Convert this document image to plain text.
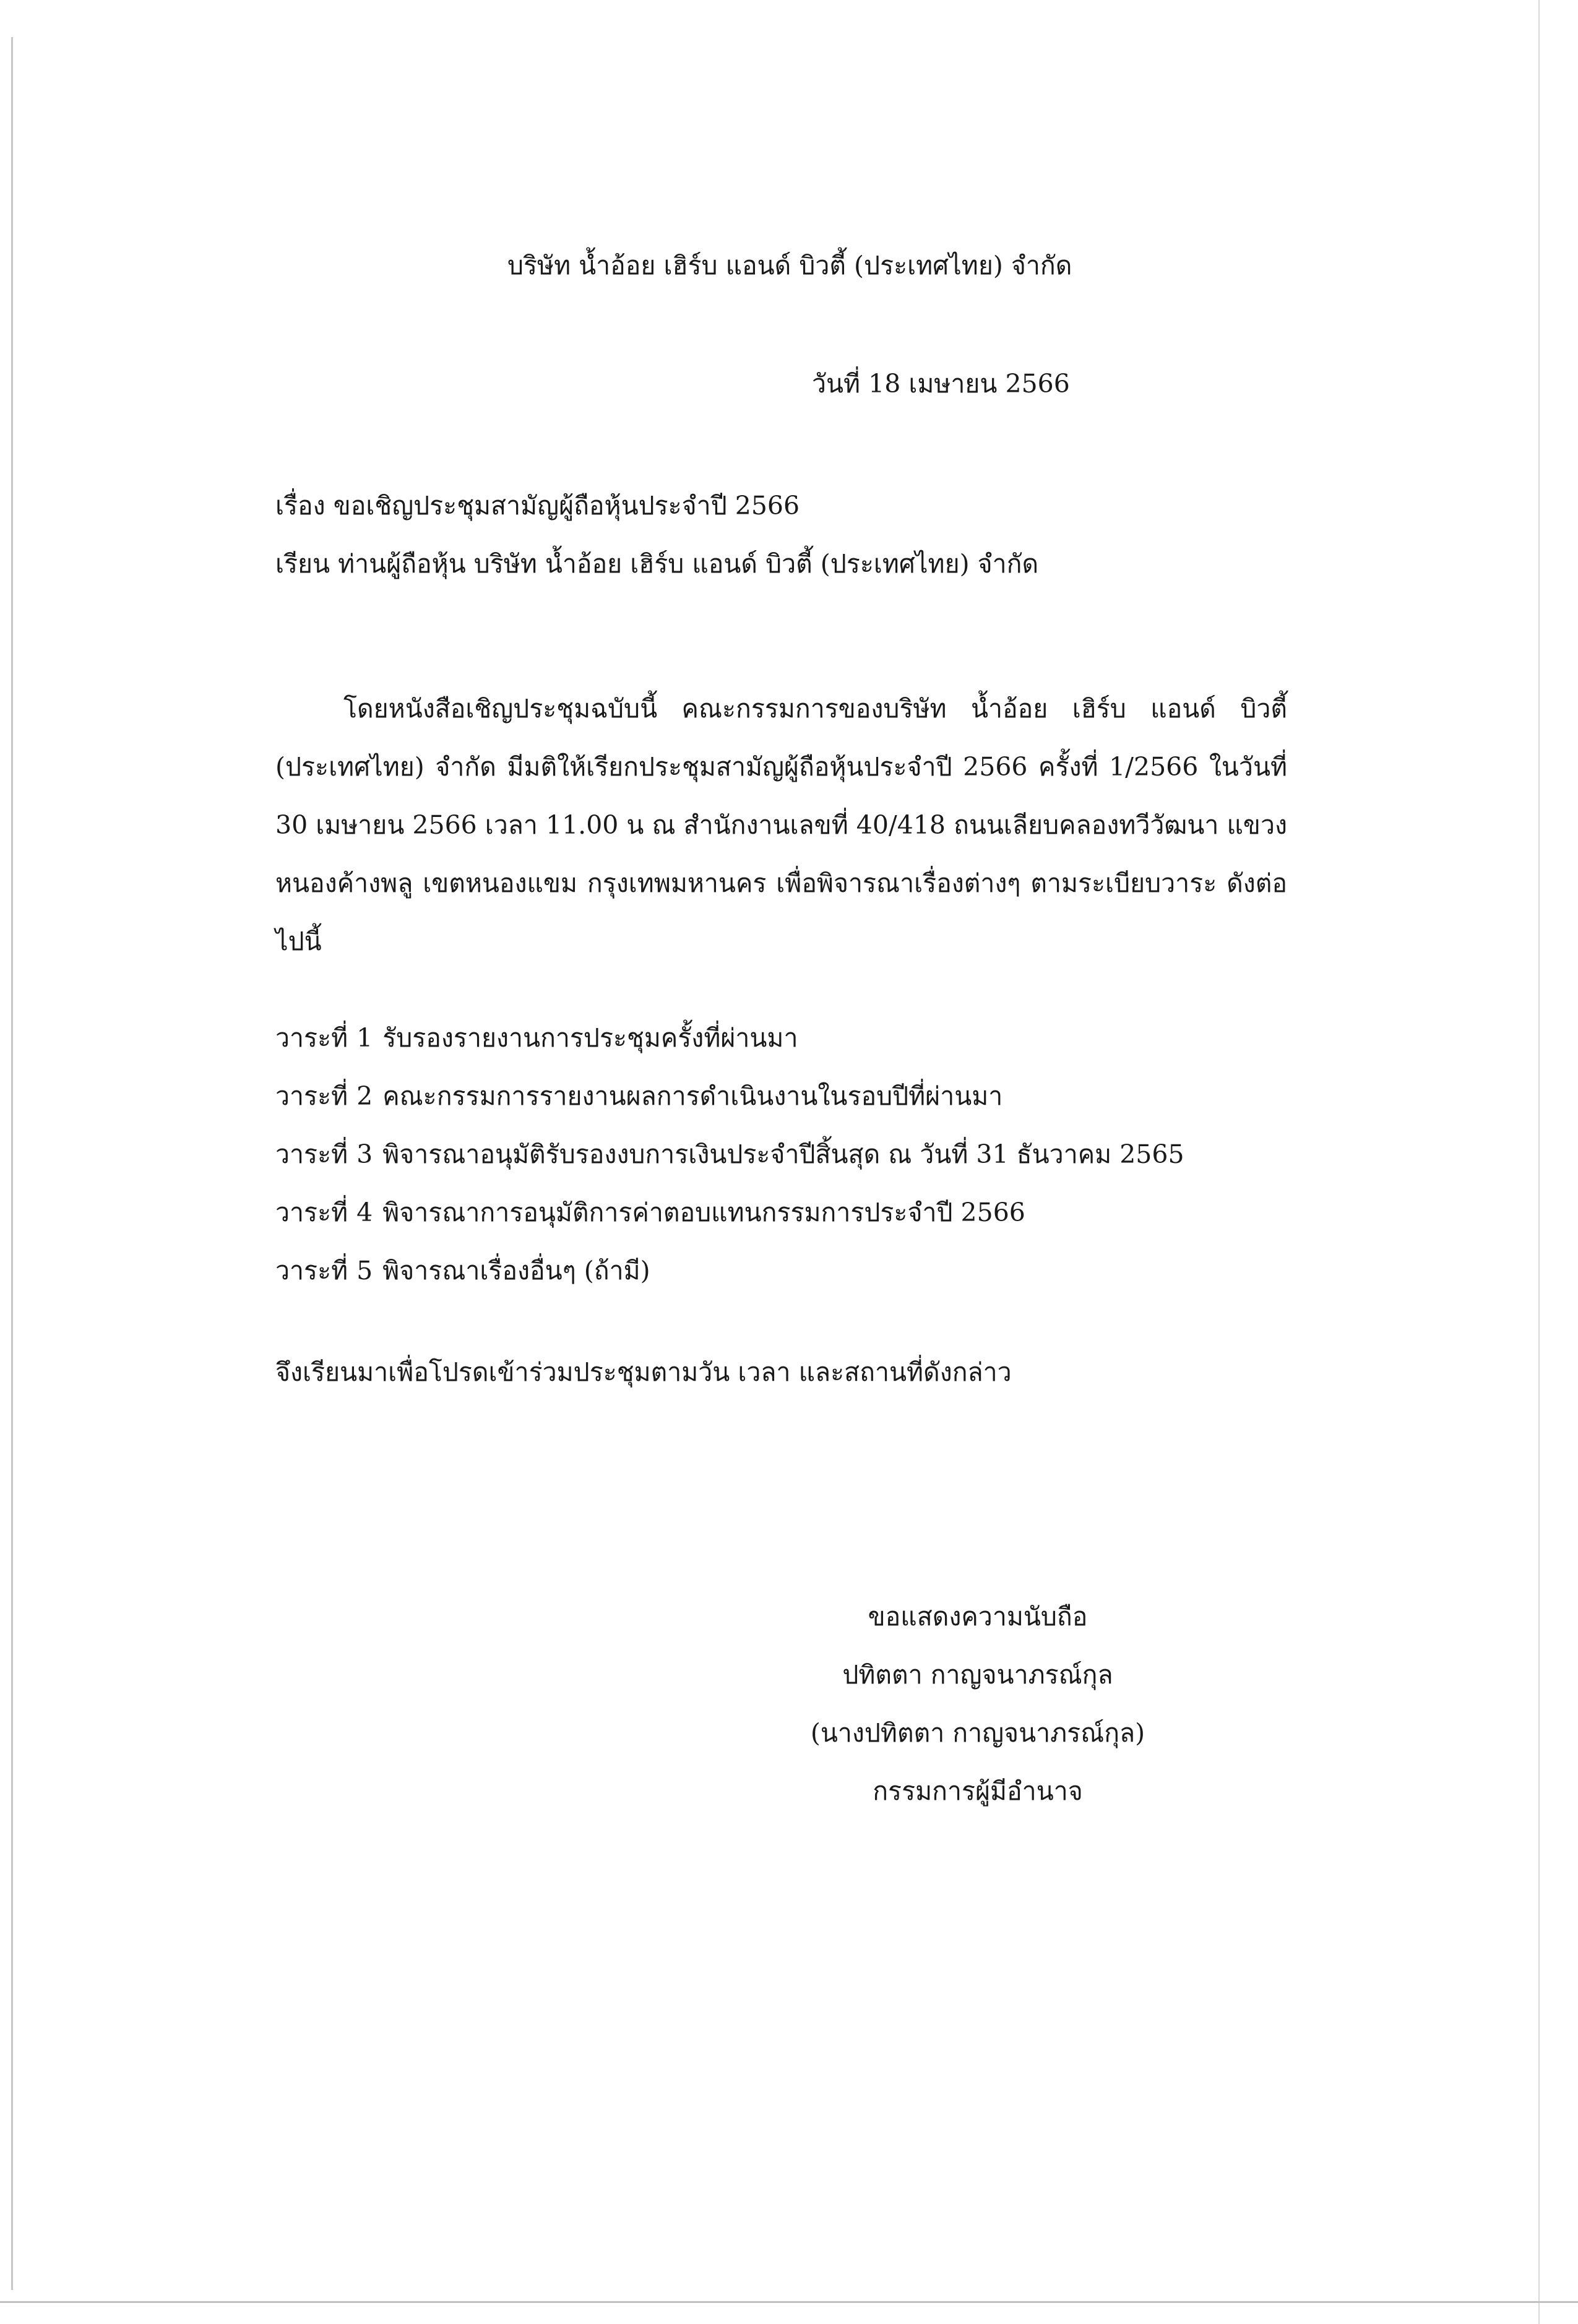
บริษัท น้ำอ้อย เฮิร์บ แอนด์ บิวตี้ (ประเทศไทย) จำกัด
วันที่ 18 เมษายน 2566
เรื่อง ขอเชิญประชุมสามัญผู้ถือหุ้นประจำปี 2566
เรียน ท่านผู้ถือหุ้น บริษัท น้ำอ้อย เฮิร์บ แอนด์ บิวตี้ (ประเทศไทย) จำกัด

โดยหนังสือเชิญประชุมฉบับนี้ คณะกรรมการของบริษัท น้ำอ้อย เฮิร์บ แอนด์ บิวตี้ (ประเทศไทย) จำกัด มีมติให้เรียกประชุมสามัญผู้ถือหุ้นประจำปี 2566 ครั้งที่ 1/2566 ในวันที่ 30 เมษายน 2566 เวลา 11.00 น ณ สำนักงานเลขที่ 40/418 ถนนเลียบคลองทวีวัฒนา แขวงหนองค้างพลู เขตหนองแขม กรุงเทพมหานคร เพื่อพิจารณาเรื่องต่างๆ ตามระเบียบวาระ ดังต่อไปนี้

วาระที่ 1 รับรองรายงานการประชุมครั้งที่ผ่านมา
วาระที่ 2 คณะกรรมการรายงานผลการดำเนินงานในรอบปีที่ผ่านมา
วาระที่ 3 พิจารณาอนุมัติรับรองงบการเงินประจำปีสิ้นสุด ณ วันที่ 31 ธันวาคม 2565
วาระที่ 4 พิจารณาการอนุมัติการค่าตอบแทนกรรมการประจำปี 2566
วาระที่ 5 พิจารณาเรื่องอื่นๆ (ถ้ามี)
จึงเรียนมาเพื่อโปรดเข้าร่วมประชุมตามวัน เวลา และสถานที่ดังกล่าว
ขอแสดงความนับถือ
ปทิตตา กาญจนาภรณ์กุล
(นางปทิตตา กาญจนาภรณ์กุล)
กรรมการผู้มีอำนาจ
